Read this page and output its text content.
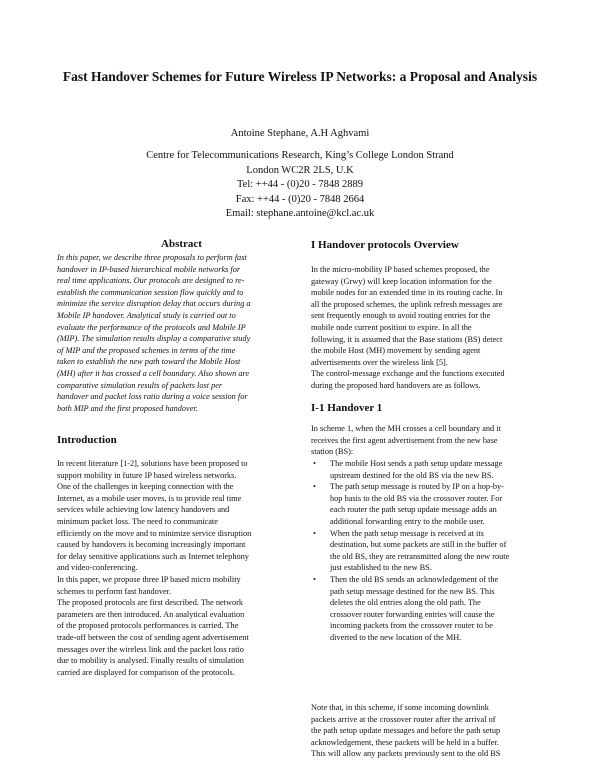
Fast Handover Schemes for Future Wireless IP Networks: a Proposal and Analysis
Antoine Stephane, A.H Aghvami
Centre for Telecommunications Research, King’s College London Strand
London WC2R 2LS, U.K
Tel: ++44 - (0)20 - 7848 2889
Fax: ++44 - (0)20 - 7848 2664
Email: stephane.antoine@kcl.ac.uk
Abstract
In this paper, we describe three proposals to perform fast
handover in IP-based hierarchical mobile networks for
real time applications. Our protocols are designed to re-
establish the communication session flow quickly and to
minimize the service disruption delay that occurs during a
Mobile IP handover. Analytical study is carried out to
evaluate the performance of the protocols and Mobile IP
(MIP). The simulation results display a comparative study
of MIP and the proposed schemes in terms of the time
taken to establish the new path toward the Mobile Host
(MH) after it has crossed a cell boundary. Also shown are
comparative simulation results of packets lost per
handover and packet loss ratio during a voice session for
both MIP and the first proposed handover.
Introduction
In recent literature [1-2], solutions have been proposed to
support mobility in future IP based wireless networks.
One of the challenges in keeping connection with the
Internet, as a mobile user moves, is to provide real time
services while achieving low latency handovers and
minimum packet loss. The need to communicate
efficiently on the move and to minimize service disruption
caused by handovers is becoming increasingly important
for delay sensitive applications such as Internet telephony
and video-conferencing.
In this paper, we propose three IP based micro mobility
schemes to perform fast handover.
The proposed protocols are first described. The network
parameters are then introduced. An analytical evaluation
of the proposed protocols performances is carried. The
trade-off between the cost of sending agent advertisement
messages over the wireless link and the packet loss ratio
due to mobility is analysed. Finally results of simulation
carried are displayed for comparison of the protocols.
I Handover protocols Overview
In the micro-mobility IP based schemes proposed, the
gateway (Grwy) will keep location information for the
mobile nodes for an extended time in its routing cache. In
all the proposed schemes, the uplink refresh messages are
sent frequently enough to avoid routing entries for the
mobile node current position to expire. In all the
following, it is assumed that the Base stations (BS) detect
the mobile Host (MH) movement by sending agent
advertisements over the wireless link [5].
The control-message exchange and the functions executed
during the proposed hard handovers are as follows.
I-1 Handover 1
In scheme 1, when the MH crosses a cell boundary and it
receives the first agent advertisement from the new base
station (BS):
• The mobile Host sends a path setup update message
upstream destined for the old BS via the new BS.
• The path setup message is routed by IP on a hop-by-
hop basis to the old BS via the crossover router. For
each router the path setup update message adds an
additional forwarding entry to the mobile user.
• When the path setup message is received at its
destination, but some packets are still in the buffer of
the old BS, they are retransmitted along the new route
just established to the new BS.
• Then the old BS sends an acknowledgement of the
path setup message destined for the new BS. This
deletes the old entries along the old path. The
crossover router forwarding entries will cause the
incoming packets from the crossover router to be
diverted to the new location of the MH.
Note that, in this scheme, if some incoming downlink
packets arrive at the crossover router after the arrival of
the path setup update messages and before the path setup
acknowledgement, these packets will be held in a buffer.
This will allow any packets previously sent to the old BS
